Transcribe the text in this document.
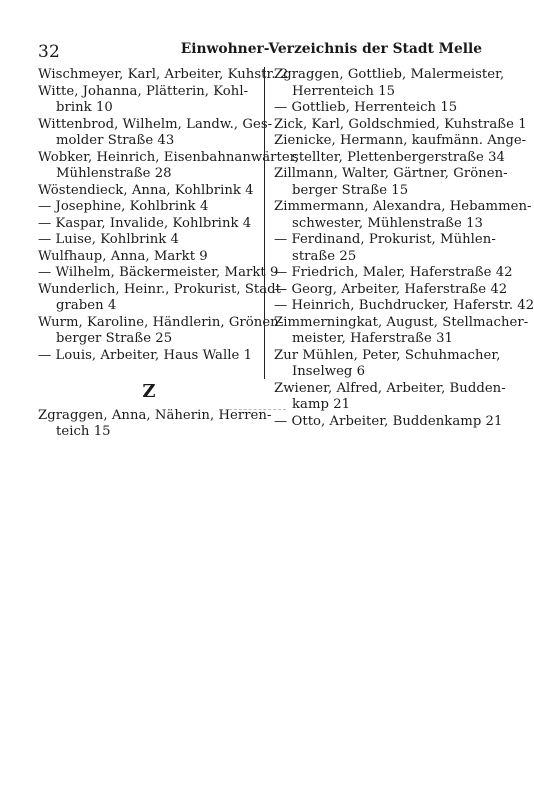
32	Einwohner-Verzeichnis der Stadt Melle
Wischmeyer, Karl, Arbeiter, Kuhstr. 2
Witte, Johanna, Plätterin, Kohl-
brink 10
Wittenbrod, Wilhelm, Landw., Ges-
molder Straße 43
Wobker, Heinrich, Eisenbahnanwärter,
Mühlenstraße 28
Wöstendieck, Anna, Kohlbrink 4
— Josephine, Kohlbrink 4
— Kaspar, Invalide, Kohlbrink 4
— Luise, Kohlbrink 4
Wulfhaup, Anna, Markt 9
— Wilhelm, Bäckermeister, Markt 9
Wunderlich, Heinr., Prokurist, Stadt-
graben 4
Wurm, Karoline, Händlerin, Grönen-
berger Straße 25
— Louis, Arbeiter, Haus Walle 1
Z
Zgraggen, Anna, Näherin, Herren-
teich 15
Zgraggen, Gottlieb, Malermeister,
Herrenteich 15
— Gottlieb, Herrenteich 15
Zick, Karl, Goldschmied, Kuhstraße 1
Zienicke, Hermann, kaufmänn. Ange-
stellter, Plettenbergerstraße 34
Zillmann, Walter, Gärtner, Grönen-
berger Straße 15
Zimmermann, Alexandra, Hebammen-
schwester, Mühlenstraße 13
— Ferdinand, Prokurist, Mühlen-
straße 25
— Friedrich, Maler, Haferstraße 42
— Georg, Arbeiter, Haferstraße 42
— Heinrich, Buchdrucker, Haferstr. 42
Zimmerningkat, August, Stellmacher-
meister, Haferstraße 31
Zur Mühlen, Peter, Schuhmacher,
Inselweg 6
Zwiener, Alfred, Arbeiter, Budden-
kamp 21
— Otto, Arbeiter, Buddenkamp 21
